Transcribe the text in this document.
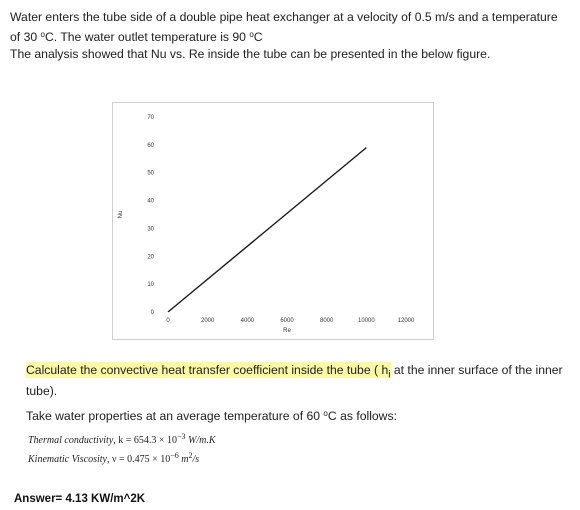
Water enters the tube side of a double pipe heat exchanger at a velocity of 0.5 m/s and a temperature of 30 $^o$C. The water outlet temperature is 90 $^o$C
The analysis showed that Nu vs. Re inside the tube can be presented in the below figure.
0
10
20
30
40
50
60
70
0	2000	4000	6000	8000	10000	12000
Re
Nu
Calculate the convective heat transfer coefficient inside the tube ( $h_i$ at the inner surface of the inner tube).
Take water properties at an average temperature of 60 $^o$C as follows:
Thermal conductivity, $k = 654.3 \times 10^{-3}$ W/m.K
Kinematic Viscosity, $\nu = 0.475 \times 10^{-6}$ $m^2/s$
Answer= 4.13 KW/m^2K
